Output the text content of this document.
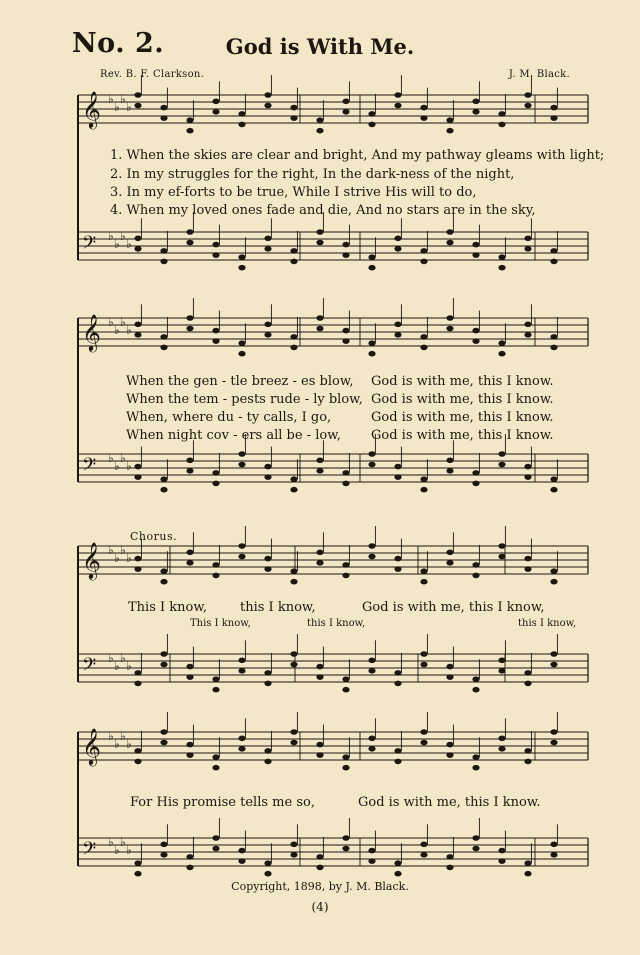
𝄞 ♭
♭
♭
♭
𝄢 ♭
♭
♭
♭
𝄞 ♭
♭
♭
♭
𝄢 ♭
♭
♭
♭
𝄞 ♭
♭
♭
♭
𝄢 ♭
♭
♭
♭
𝄞 ♭
♭
♭
♭
𝄢 ♭
♭
♭
♭
No. 2.	God is With Me.
Rev. B. F. Clarkson.	J. M. Black.
1. When the skies are clear and bright, And my pathway gleams with light;
2. In my struggles for the right, In the dark-ness of the night,
3. In my ef-forts to be true, While I strive His will to do,
4. When my loved ones fade and die, And no stars are in the sky,
When the gen - tle breez - es blow, God is with me, this I know.
When the tem - pests rude - ly blow, God is with me, this I know.
When, where du - ty calls, I go,	God is with me, this I know.
When night cov - ers all be - low, God is with me, this I know.
Chorus.
This I know,	this I know,	God is with me, this I know,
This I know,	this I know,	this I know,
For His promise tells me so,	God is with me, this I know.
Copyright, 1898, by J. M. Black.
(4)
